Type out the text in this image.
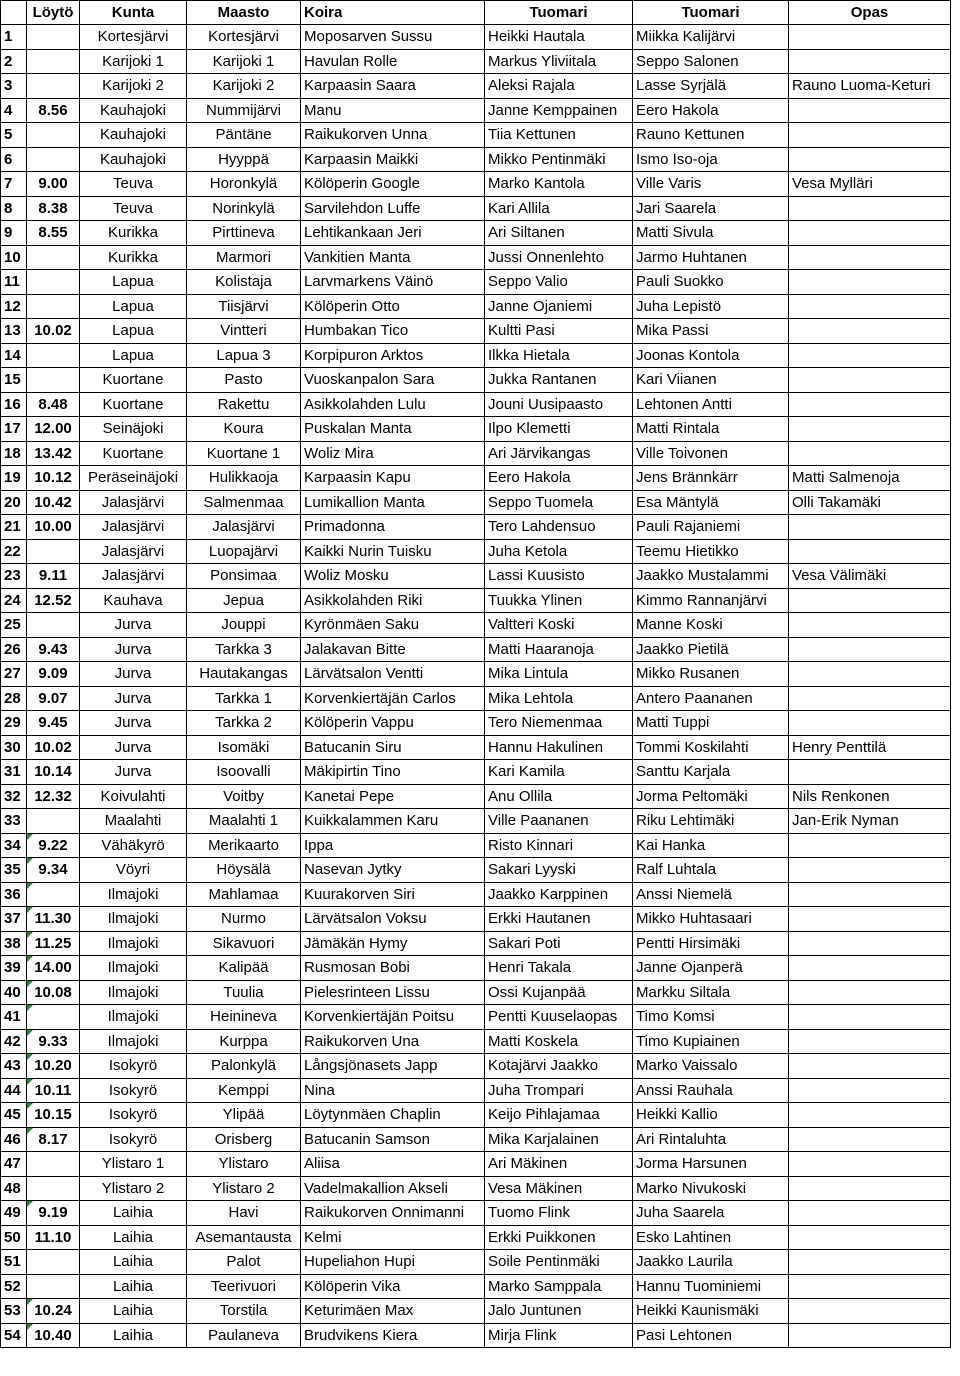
	Löytö	Kunta	Maasto	Koira	Tuomari	Tuomari	Opas
1		Kortesjärvi	Kortesjärvi	Moposarven Sussu	Heikki Hautala	Miikka Kalijärvi	
2		Karijoki 1	Karijoki 1	Havulan Rolle	Markus Yliviitala	Seppo Salonen	
3		Karijoki 2	Karijoki 2	Karpaasin Saara	Aleksi Rajala	Lasse Syrjälä	Rauno Luoma-Keturi
4	8.56	Kauhajoki	Nummijärvi	Manu	Janne Kemppainen	Eero Hakola	
5		Kauhajoki	Päntäne	Raikukorven Unna	Tiia Kettunen	Rauno Kettunen	
6		Kauhajoki	Hyyppä	Karpaasin Maikki	Mikko Pentinmäki	Ismo Iso-oja	
7	9.00	Teuva	Horonkylä	Kölöperin Google	Marko Kantola	Ville Varis	Vesa Mylläri
8	8.38	Teuva	Norinkylä	Sarvilehdon Luffe	Kari Allila	Jari Saarela	
9	8.55	Kurikka	Pirttineva	Lehtikankaan Jeri	Ari Siltanen	Matti Sivula	
10		Kurikka	Marmori	Vankitien Manta	Jussi Onnenlehto	Jarmo Huhtanen	
11		Lapua	Kolistaja	Larvmarkens Väinö	Seppo Valio	Pauli Suokko	
12		Lapua	Tiisjärvi	Kölöperin Otto	Janne Ojaniemi	Juha Lepistö	
13	10.02	Lapua	Vintteri	Humbakan Tico	Kultti Pasi	Mika Passi	
14		Lapua	Lapua 3	Korpipuron Arktos	Ilkka Hietala	Joonas Kontola	
15		Kuortane	Pasto	Vuoskanpalon Sara	Jukka Rantanen	Kari Viianen	
16	8.48	Kuortane	Rakettu	Asikkolahden Lulu	Jouni Uusipaasto	Lehtonen Antti	
17	12.00	Seinäjoki	Koura	Puskalan Manta	Ilpo Klemetti	Matti Rintala	
18	13.42	Kuortane	Kuortane 1	Woliz Mira	Ari Järvikangas	Ville Toivonen	
19	10.12	Peräseinäjoki	Hulikkaoja	Karpaasin Kapu	Eero Hakola	Jens Brännkärr	Matti Salmenoja
20	10.42	Jalasjärvi	Salmenmaa	Lumikallion Manta	Seppo Tuomela	Esa Mäntylä	Olli Takamäki
21	10.00	Jalasjärvi	Jalasjärvi	Primadonna	Tero Lahdensuo	Pauli Rajaniemi	
22		Jalasjärvi	Luopajärvi	Kaikki Nurin Tuisku	Juha Ketola	Teemu Hietikko	
23	9.11	Jalasjärvi	Ponsimaa	Woliz Mosku	Lassi Kuusisto	Jaakko Mustalammi	Vesa Välimäki
24	12.52	Kauhava	Jepua	Asikkolahden Riki	Tuukka Ylinen	Kimmo Rannanjärvi	
25		Jurva	Jouppi	Kyrönmäen Saku	Valtteri Koski	Manne Koski	
26	9.43	Jurva	Tarkka 3	Jalakavan Bitte	Matti Haaranoja	Jaakko Pietilä	
27	9.09	Jurva	Hautakangas	Lärvätsalon Ventti	Mika Lintula	Mikko Rusanen	
28	9.07	Jurva	Tarkka 1	Korvenkiertäjän Carlos	Mika Lehtola	Antero Paananen	
29	9.45	Jurva	Tarkka 2	Kölöperin Vappu	Tero Niemenmaa	Matti Tuppi	
30	10.02	Jurva	Isomäki	Batucanin Siru	Hannu Hakulinen	Tommi Koskilahti	Henry Penttilä
31	10.14	Jurva	Isoovalli	Mäkipirtin Tino	Kari Kamila	Santtu Karjala	
32	12.32	Koivulahti	Voitby	Kanetai Pepe	Anu Ollila	Jorma Peltomäki	Nils Renkonen
33		Maalahti	Maalahti 1	Kuikkalammen Karu	Ville Paananen	Riku Lehtimäki	Jan-Erik Nyman
34	9.22	Vähäkyrö	Merikaarto	Ippa	Risto Kinnari	Kai Hanka	
35	9.34	Vöyri	Höysälä	Nasevan Jytky	Sakari Lyyski	Ralf Luhtala	
36		Ilmajoki	Mahlamaa	Kuurakorven Siri	Jaakko Karppinen	Anssi Niemelä	
37	11.30	Ilmajoki	Nurmo	Lärvätsalon Voksu	Erkki Hautanen	Mikko Huhtasaari	
38	11.25	Ilmajoki	Sikavuori	Jämäkän Hymy	Sakari Poti	Pentti Hirsimäki	
39	14.00	Ilmajoki	Kalipää	Rusmosan Bobi	Henri Takala	Janne Ojanperä	
40	10.08	Ilmajoki	Tuulia	Pielesrinteen Lissu	Ossi Kujanpää	Markku Siltala	
41		Ilmajoki	Heinineva	Korvenkiertäjän Poitsu	Pentti Kuuselaopas	Timo Komsi	
42	9.33	Ilmajoki	Kurppa	Raikukorven Una	Matti Koskela	Timo Kupiainen	
43	10.20	Isokyrö	Palonkylä	Långsjönasets Japp	Kotajärvi Jaakko	Marko Vaissalo	
44	10.11	Isokyrö	Kemppi	Nina	Juha Trompari	Anssi Rauhala	
45	10.15	Isokyrö	Ylipää	Löytynmäen Chaplin	Keijo Pihlajamaa	Heikki Kallio	
46	8.17	Isokyrö	Orisberg	Batucanin Samson	Mika Karjalainen	Ari Rintaluhta	
47		Ylistaro 1	Ylistaro	Aliisa	Ari Mäkinen	Jorma Harsunen	
48		Ylistaro 2	Ylistaro 2	Vadelmakallion Akseli	Vesa Mäkinen	Marko Nivukoski	
49	9.19	Laihia	Havi	Raikukorven Onnimanni	Tuomo Flink	Juha Saarela	
50	11.10	Laihia	Asemantausta	Kelmi	Erkki Puikkonen	Esko Lahtinen	
51		Laihia	Palot	Hupeliahon Hupi	Soile Pentinmäki	Jaakko Laurila	
52		Laihia	Teerivuori	Kölöperin Vika	Marko Samppala	Hannu Tuominiemi	
53	10.24	Laihia	Torstila	Keturimäen Max	Jalo Juntunen	Heikki Kaunismäki	
54	10.40	Laihia	Paulaneva	Brudvikens Kiera	Mirja Flink	Pasi Lehtonen	
